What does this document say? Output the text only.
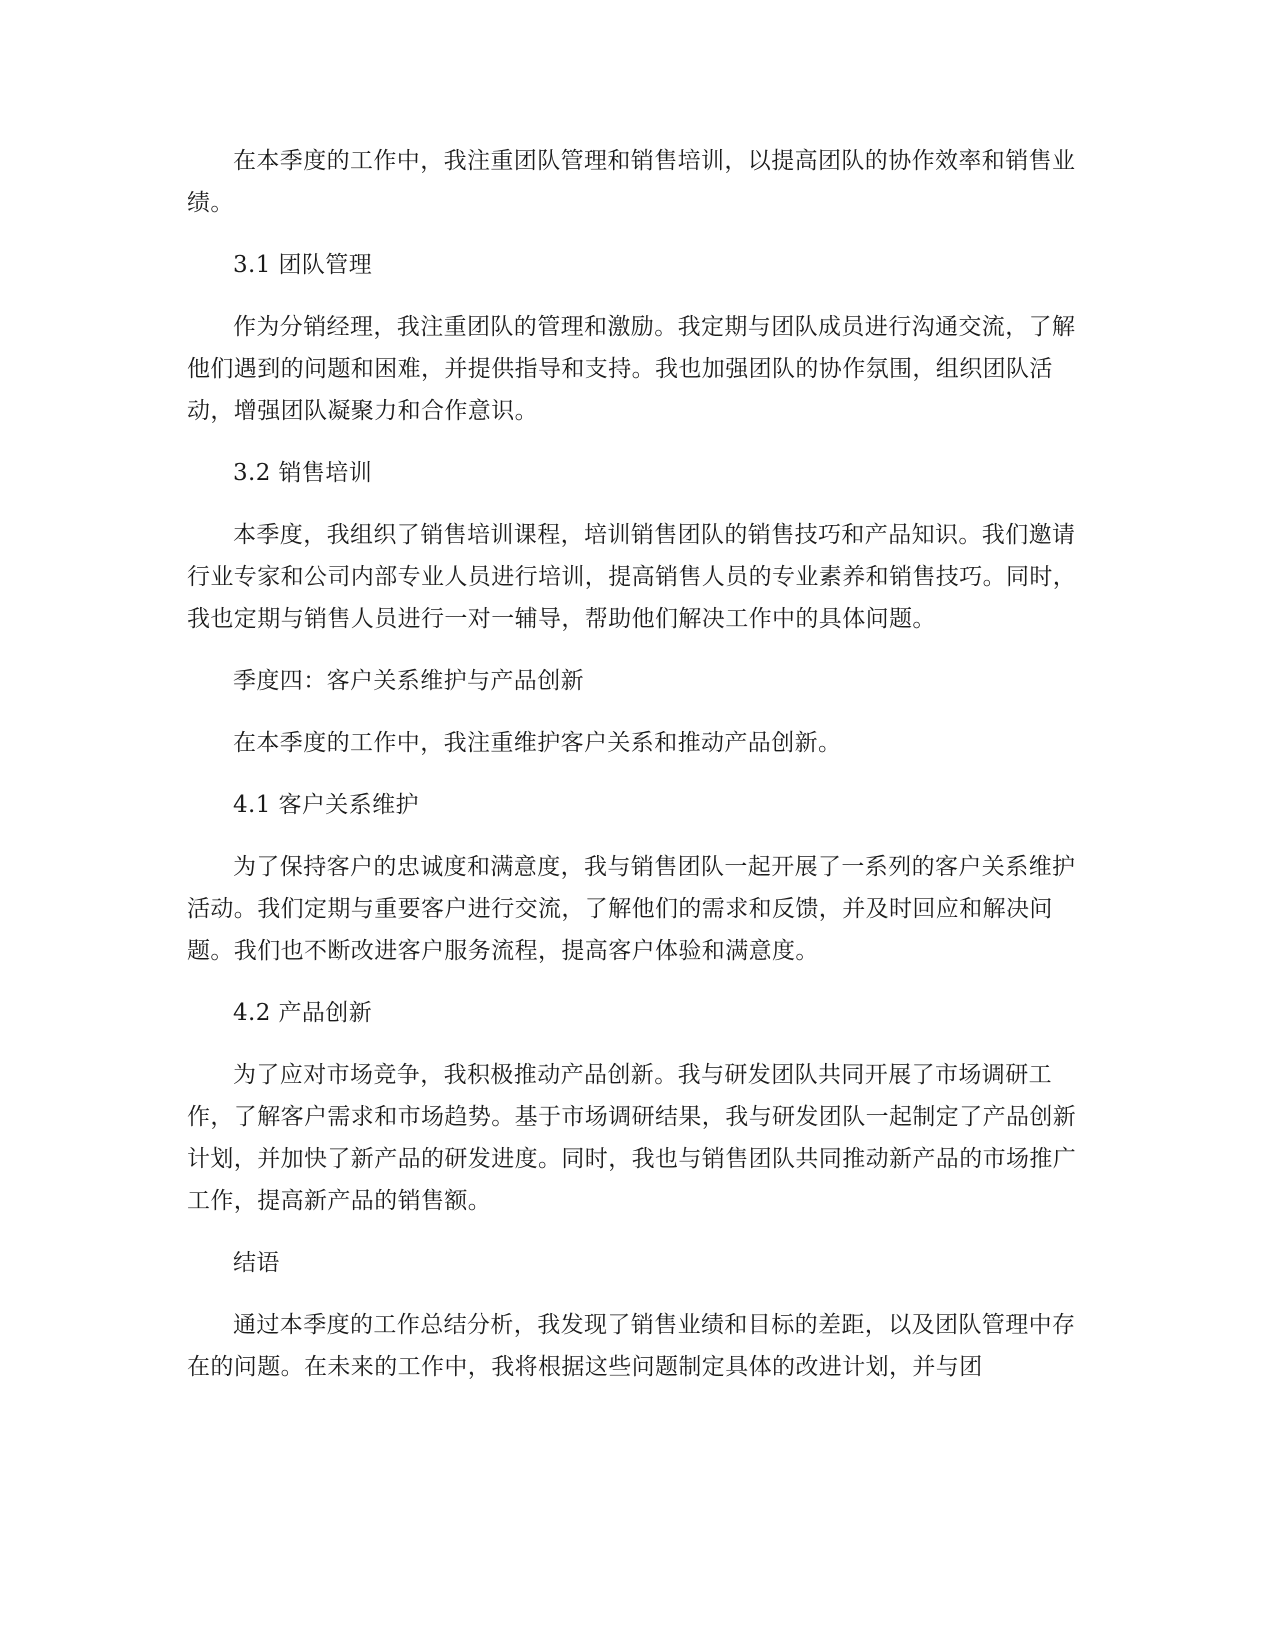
在本季度的工作中，我注重团队管理和销售培训，以提高团队的协作效率和销售业绩。

3.1 团队管理

作为分销经理，我注重团队的管理和激励。我定期与团队成员进行沟通交流，了解他们遇到的问题和困难，并提供指导和支持。我也加强团队的协作氛围，组织团队活动，增强团队凝聚力和合作意识。

3.2 销售培训

本季度，我组织了销售培训课程，培训销售团队的销售技巧和产品知识。我们邀请行业专家和公司内部专业人员进行培训，提高销售人员的专业素养和销售技巧。同时，我也定期与销售人员进行一对一辅导，帮助他们解决工作中的具体问题。

季度四：客户关系维护与产品创新

在本季度的工作中，我注重维护客户关系和推动产品创新。

4.1 客户关系维护

为了保持客户的忠诚度和满意度，我与销售团队一起开展了一系列的客户关系维护活动。我们定期与重要客户进行交流，了解他们的需求和反馈，并及时回应和解决问题。我们也不断改进客户服务流程，提高客户体验和满意度。

4.2 产品创新

为了应对市场竞争，我积极推动产品创新。我与研发团队共同开展了市场调研工作，了解客户需求和市场趋势。基于市场调研结果，我与研发团队一起制定了产品创新计划，并加快了新产品的研发进度。同时，我也与销售团队共同推动新产品的市场推广工作，提高新产品的销售额。

结语

通过本季度的工作总结分析，我发现了销售业绩和目标的差距，以及团队管理中存在的问题。在未来的工作中，我将根据这些问题制定具体的改进计划，并与团
